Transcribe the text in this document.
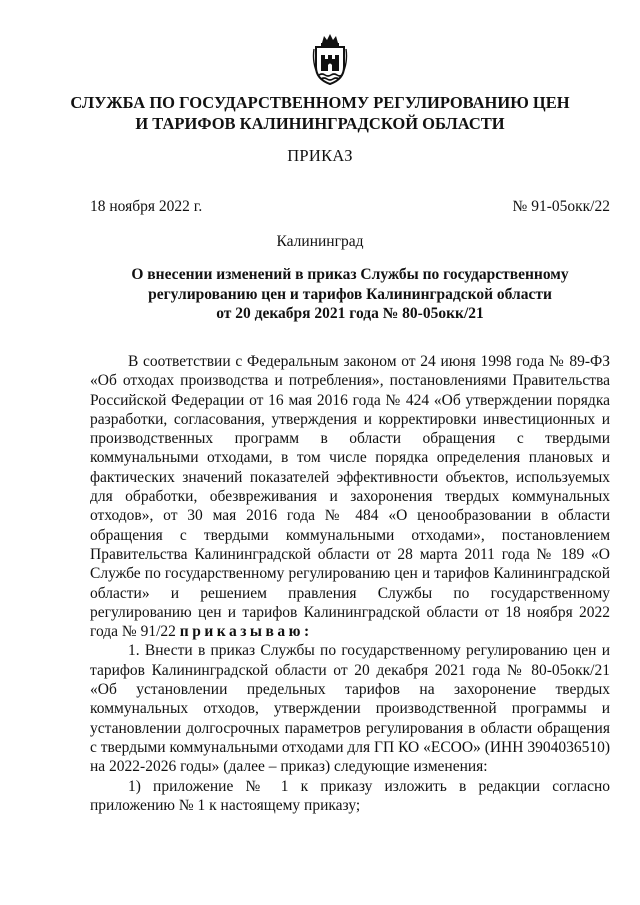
СЛУЖБА ПО ГОСУДАРСТВЕННОМУ РЕГУЛИРОВАНИЮ ЦЕН
И ТАРИФОВ КАЛИНИНГРАДСКОЙ ОБЛАСТИ
ПРИКАЗ
18 ноября 2022 г.	№ 91-05окк/22
Калининград
О внесении изменений в приказ Службы по государственному
регулированию цен и тарифов Калининградской области
от 20 декабря 2021 года № 80-05окк/21

В соответствии с Федеральным законом от 24 июня 1998 года № 89-ФЗ «Об отходах производства и потребления», постановлениями Правительства Российской Федерации от 16 мая 2016 года № 424 «Об утверждении порядка разработки, согласования, утверждения и корректировки инвестиционных и производственных программ в области обращения с твердыми коммунальными отходами, в том числе порядка определения плановых и фактических значений показателей эффективности объектов, используемых для обработки, обезвреживания и захоронения твердых коммунальных отходов», от 30 мая 2016 года № 484 «О ценообразовании в области обращения с твердыми коммунальными отходами», постановлением Правительства Калининградской области от 28 марта 2011 года № 189 «О Службе по государственному регулированию цен и тарифов Калининградской области» и решением правления Службы по государственному регулированию цен и тарифов Калининградской области от 18 ноября 2022 года № 91/22 приказываю:

1. Внести в приказ Службы по государственному регулированию цен и тарифов Калининградской области от 20 декабря 2021 года № 80-05окк/21 «Об установлении предельных тарифов на захоронение твердых коммунальных отходов, утверждении производственной программы и установлении долгосрочных параметров регулирования в области обращения с твердыми коммунальными отходами для ГП КО «ЕСОО» (ИНН 3904036510) на 2022-2026 годы» (далее – приказ) следующие изменения:

1) приложение № 1 к приказу изложить в редакции согласно приложению № 1 к настоящему приказу;
